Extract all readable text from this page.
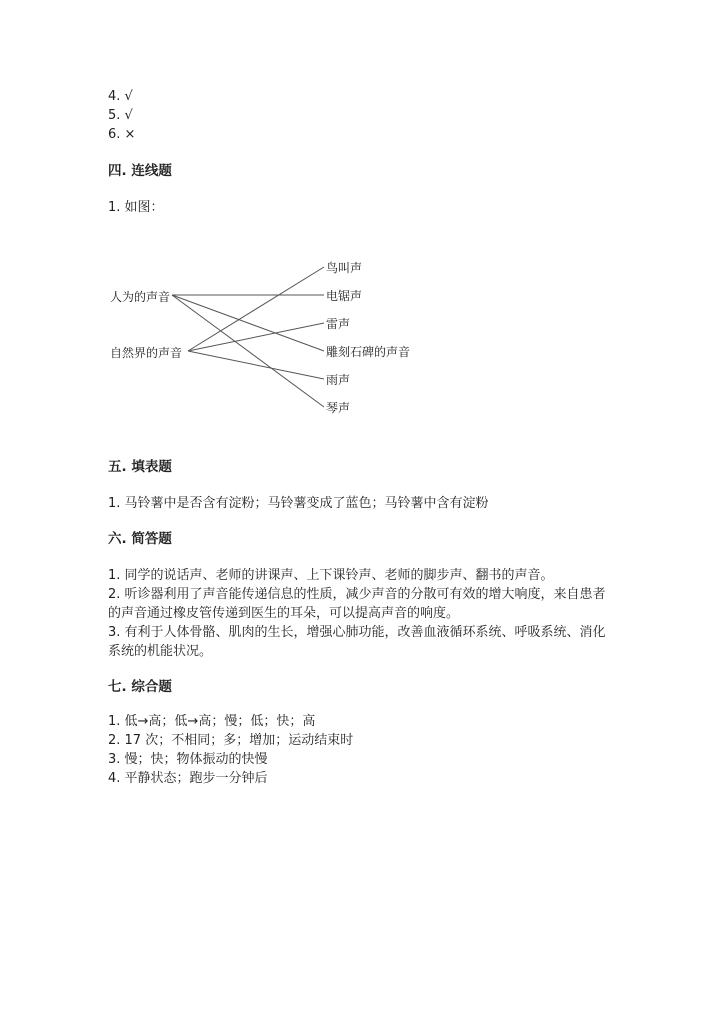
4. √
5. √
6. ×
四. 连线题
1. 如图：
人为的声音
自然界的声音
鸟叫声
电锯声
雷声
雕刻石碑的声音
雨声
琴声
五. 填表题
1. 马铃薯中是否含有淀粉；马铃薯变成了蓝色；马铃薯中含有淀粉
六. 简答题
1. 同学的说话声、老师的讲课声、上下课铃声、老师的脚步声、翻书的声音。
2. 听诊器利用了声音能传递信息的性质，减少声音的分散可有效的增大响度，来自患者的声音通过橡皮管传递到医生的耳朵，可以提高声音的响度。
3. 有利于人体骨骼、肌肉的生长，增强心肺功能，改善血液循环系统、呼吸系统、消化系统的机能状况。
七. 综合题
1. 低→高；低→高；慢；低；快；高
2. 17 次；不相同；多；增加；运动结束时
3. 慢；快；物体振动的快慢
4. 平静状态；跑步一分钟后
